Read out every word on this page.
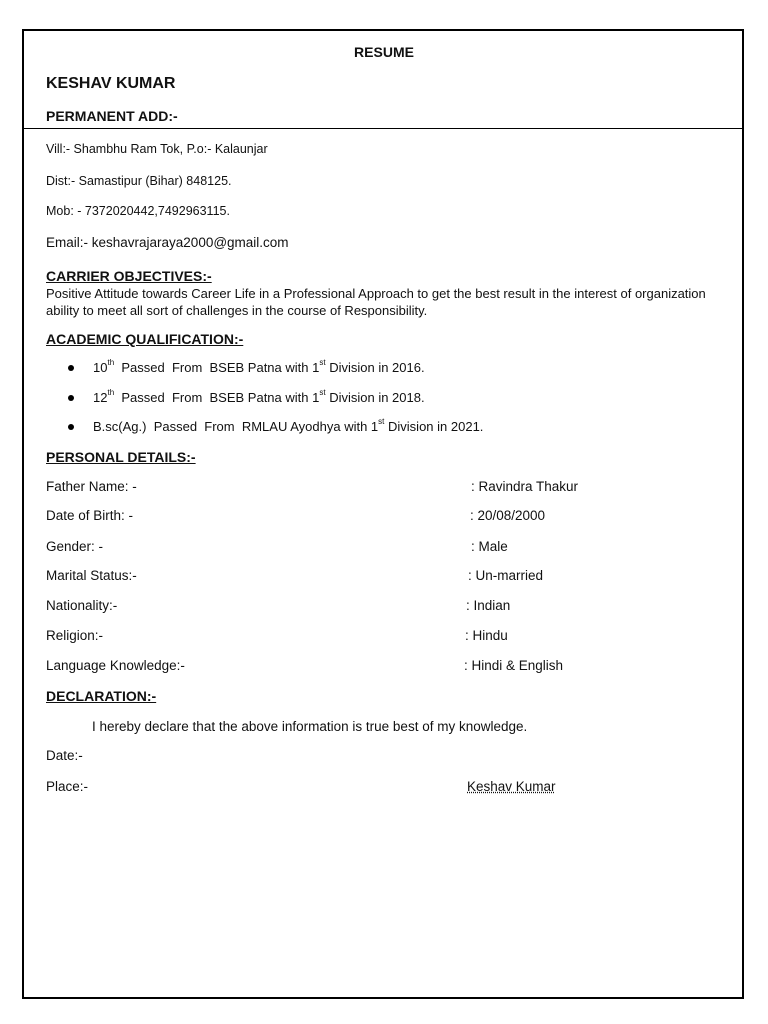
RESUME
KESHAV KUMAR
PERMANENT ADD:-
Vill:- Shambhu Ram Tok, P.o:- Kalaunjar
Dist:- Samastipur (Bihar) 848125.
Mob: - 7372020442,7492963115.
Email:- keshavrajaraya2000@gmail.com
CARRIER OBJECTIVES:-
Positive Attitude towards Career Life in a Professional Approach to get the best result in the interest of organization ability to meet all sort of challenges in the course of Responsibility.
ACADEMIC QUALIFICATION:-
10th  Passed  From  BSEB Patna with 1st Division in 2016.
12th  Passed  From  BSEB Patna with 1st Division in 2018.
B.sc(Ag.)  Passed  From  RMLAU Ayodhya with 1st Division in 2021.
PERSONAL DETAILS:-
Father Name: -	: Ravindra Thakur
Date of Birth: -	: 20/08/2000
Gender: -	: Male
Marital Status:-	: Un-married
Nationality:-	: Indian
Religion:-	: Hindu
Language Knowledge:-	: Hindi & English
DECLARATION:-
I hereby declare that the above information is true best of my knowledge.
Date:-
Place:-	Keshav Kumar
